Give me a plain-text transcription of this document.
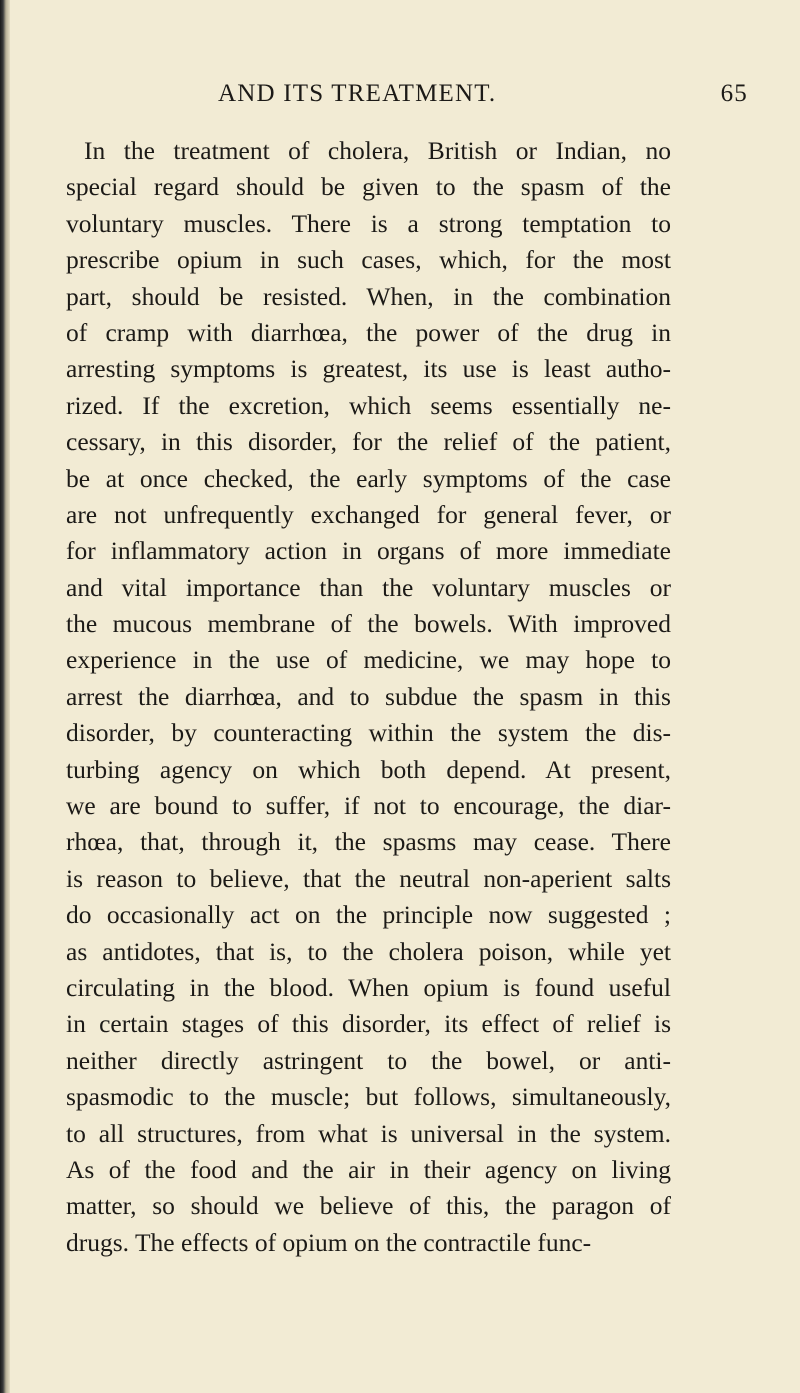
AND ITS TREATMENT.	65
In the treatment of cholera, British or Indian, no
special regard should be given to the spasm of the
voluntary muscles. There is a strong temptation to
prescribe opium in such cases, which, for the most
part, should be resisted. When, in the combination
of cramp with diarrhœa, the power of the drug in
arresting symptoms is greatest, its use is least autho-
rized. If the excretion, which seems essentially ne-
cessary, in this disorder, for the relief of the patient,
be at once checked, the early symptoms of the case
are not unfrequently exchanged for general fever, or
for inflammatory action in organs of more immediate
and vital importance than the voluntary muscles or
the mucous membrane of the bowels. With improved
experience in the use of medicine, we may hope to
arrest the diarrhœa, and to subdue the spasm in this
disorder, by counteracting within the system the dis-
turbing agency on which both depend. At present,
we are bound to suffer, if not to encourage, the diar-
rhœa, that, through it, the spasms may cease. There
is reason to believe, that the neutral non-aperient salts
do occasionally act on the principle now suggested ;
as antidotes, that is, to the cholera poison, while yet
circulating in the blood. When opium is found useful
in certain stages of this disorder, its effect of relief is
neither directly astringent to the bowel, or anti-
spasmodic to the muscle; but follows, simultaneously,
to all structures, from what is universal in the system.
As of the food and the air in their agency on living
matter, so should we believe of this, the paragon of
drugs. The effects of opium on the contractile func-
